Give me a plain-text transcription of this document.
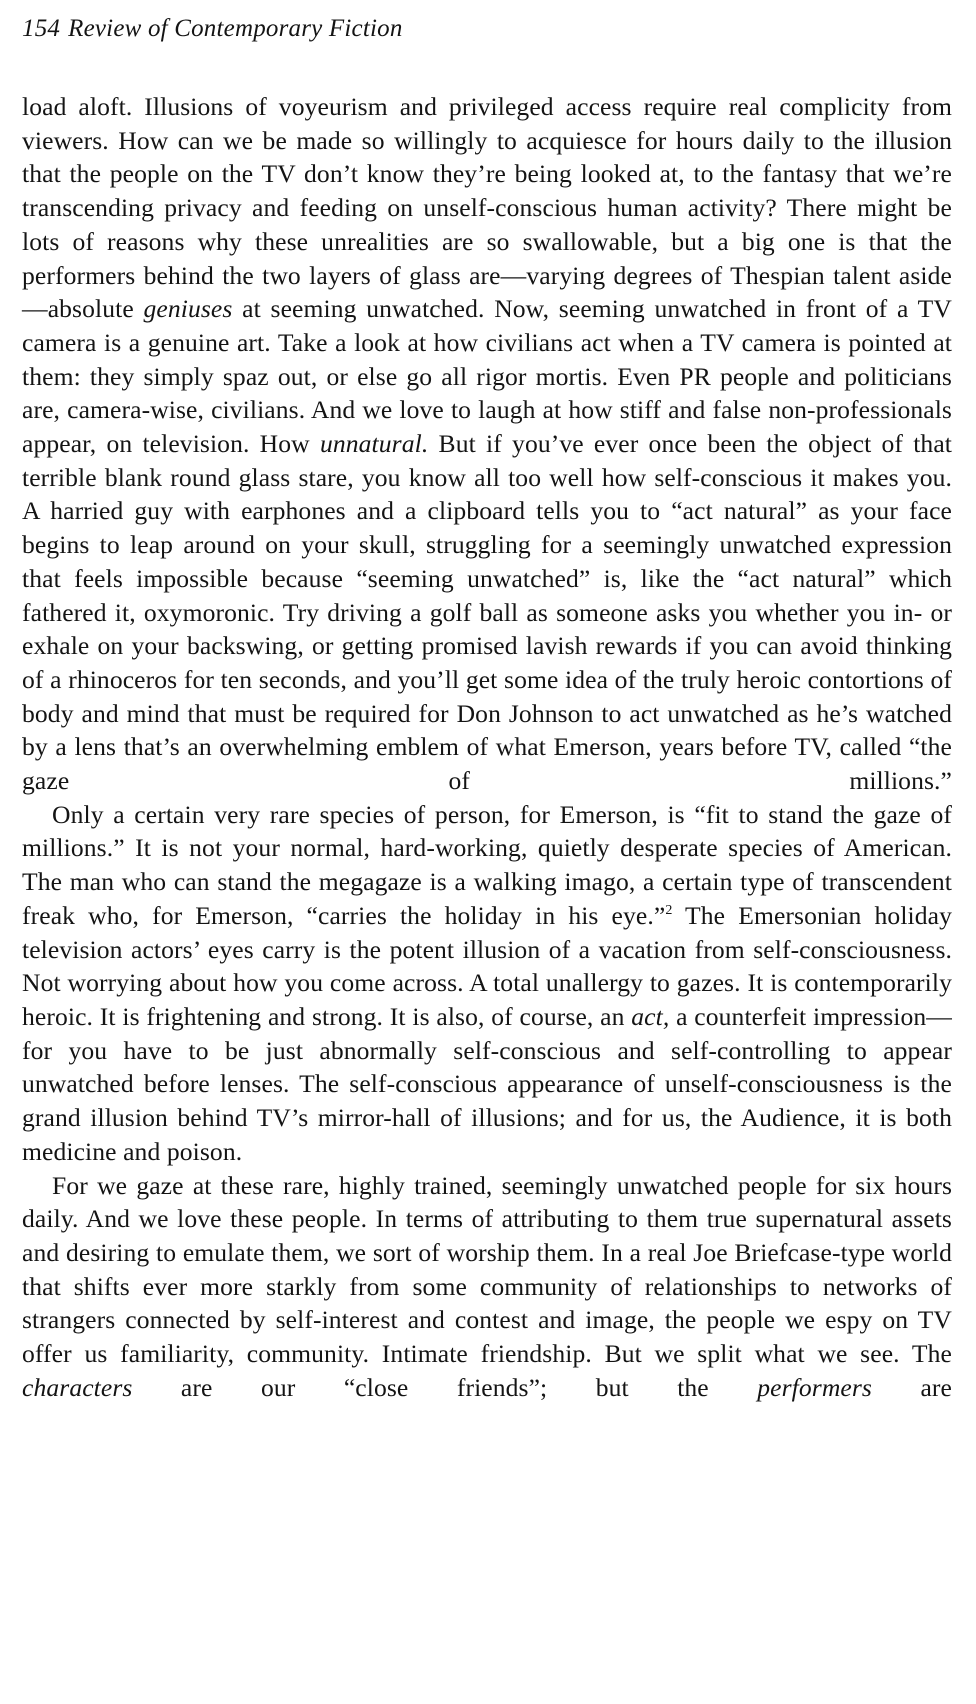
154 Review of Contemporary Fiction

load aloft. Illusions of voyeurism and privileged access require real complicity from viewers. How can we be made so willingly to acquiesce for hours daily to the illusion that the people on the TV don’t know they’re being looked at, to the fantasy that we’re transcending privacy and feeding on unself-conscious human activity? There might be lots of reasons why these unrealities are so swallowable, but a big one is that the performers behind the two layers of glass are—varying degrees of Thespian talent aside—absolute geniuses at seeming unwatched. Now, seeming unwatched in front of a TV camera is a genuine art. Take a look at how civilians act when a TV camera is pointed at them: they simply spaz out, or else go all rigor mortis. Even PR people and politicians are, camera-wise, civilians. And we love to laugh at how stiff and false non-professionals appear, on television. How unnatural. But if you’ve ever once been the object of that terrible blank round glass stare, you know all too well how self-conscious it makes you. A harried guy with earphones and a clipboard tells you to “act natural” as your face begins to leap around on your skull, struggling for a seemingly unwatched expression that feels impossible because “seeming unwatched” is, like the “act natural” which fathered it, oxymoronic. Try driving a golf ball as someone asks you whether you in- or exhale on your backswing, or getting promised lavish rewards if you can avoid thinking of a rhinoceros for ten seconds, and you’ll get some idea of the truly heroic contortions of body and mind that must be required for Don Johnson to act unwatched as he’s watched by a lens that’s an overwhelming emblem of what Emerson, years before TV, called “the gaze of millions.”

Only a certain very rare species of person, for Emerson, is “fit to stand the gaze of millions.” It is not your normal, hard-working, quietly desperate species of American. The man who can stand the megagaze is a walking imago, a certain type of transcendent freak who, for Emerson, “carries the holiday in his eye.”$^2$ The Emersonian holiday television actors’ eyes carry is the potent illusion of a vacation from self-consciousness. Not worrying about how you come across. A total unallergy to gazes. It is contemporarily heroic. It is frightening and strong. It is also, of course, an act, a counterfeit impression—for you have to be just abnormally self-conscious and self-controlling to appear unwatched before lenses. The self-conscious appearance of unself-consciousness is the grand illusion behind TV’s mirror-hall of illusions; and for us, the Audience, it is both medicine and poison.

For we gaze at these rare, highly trained, seemingly unwatched people for six hours daily. And we love these people. In terms of attributing to them true supernatural assets and desiring to emulate them, we sort of worship them. In a real Joe Briefcase-type world that shifts ever more starkly from some community of relationships to networks of strangers connected by self-interest and contest and image, the people we espy on TV offer us familiarity, community. Intimate friendship. But we split what we see. The characters are our “close friends”; but the performers are
